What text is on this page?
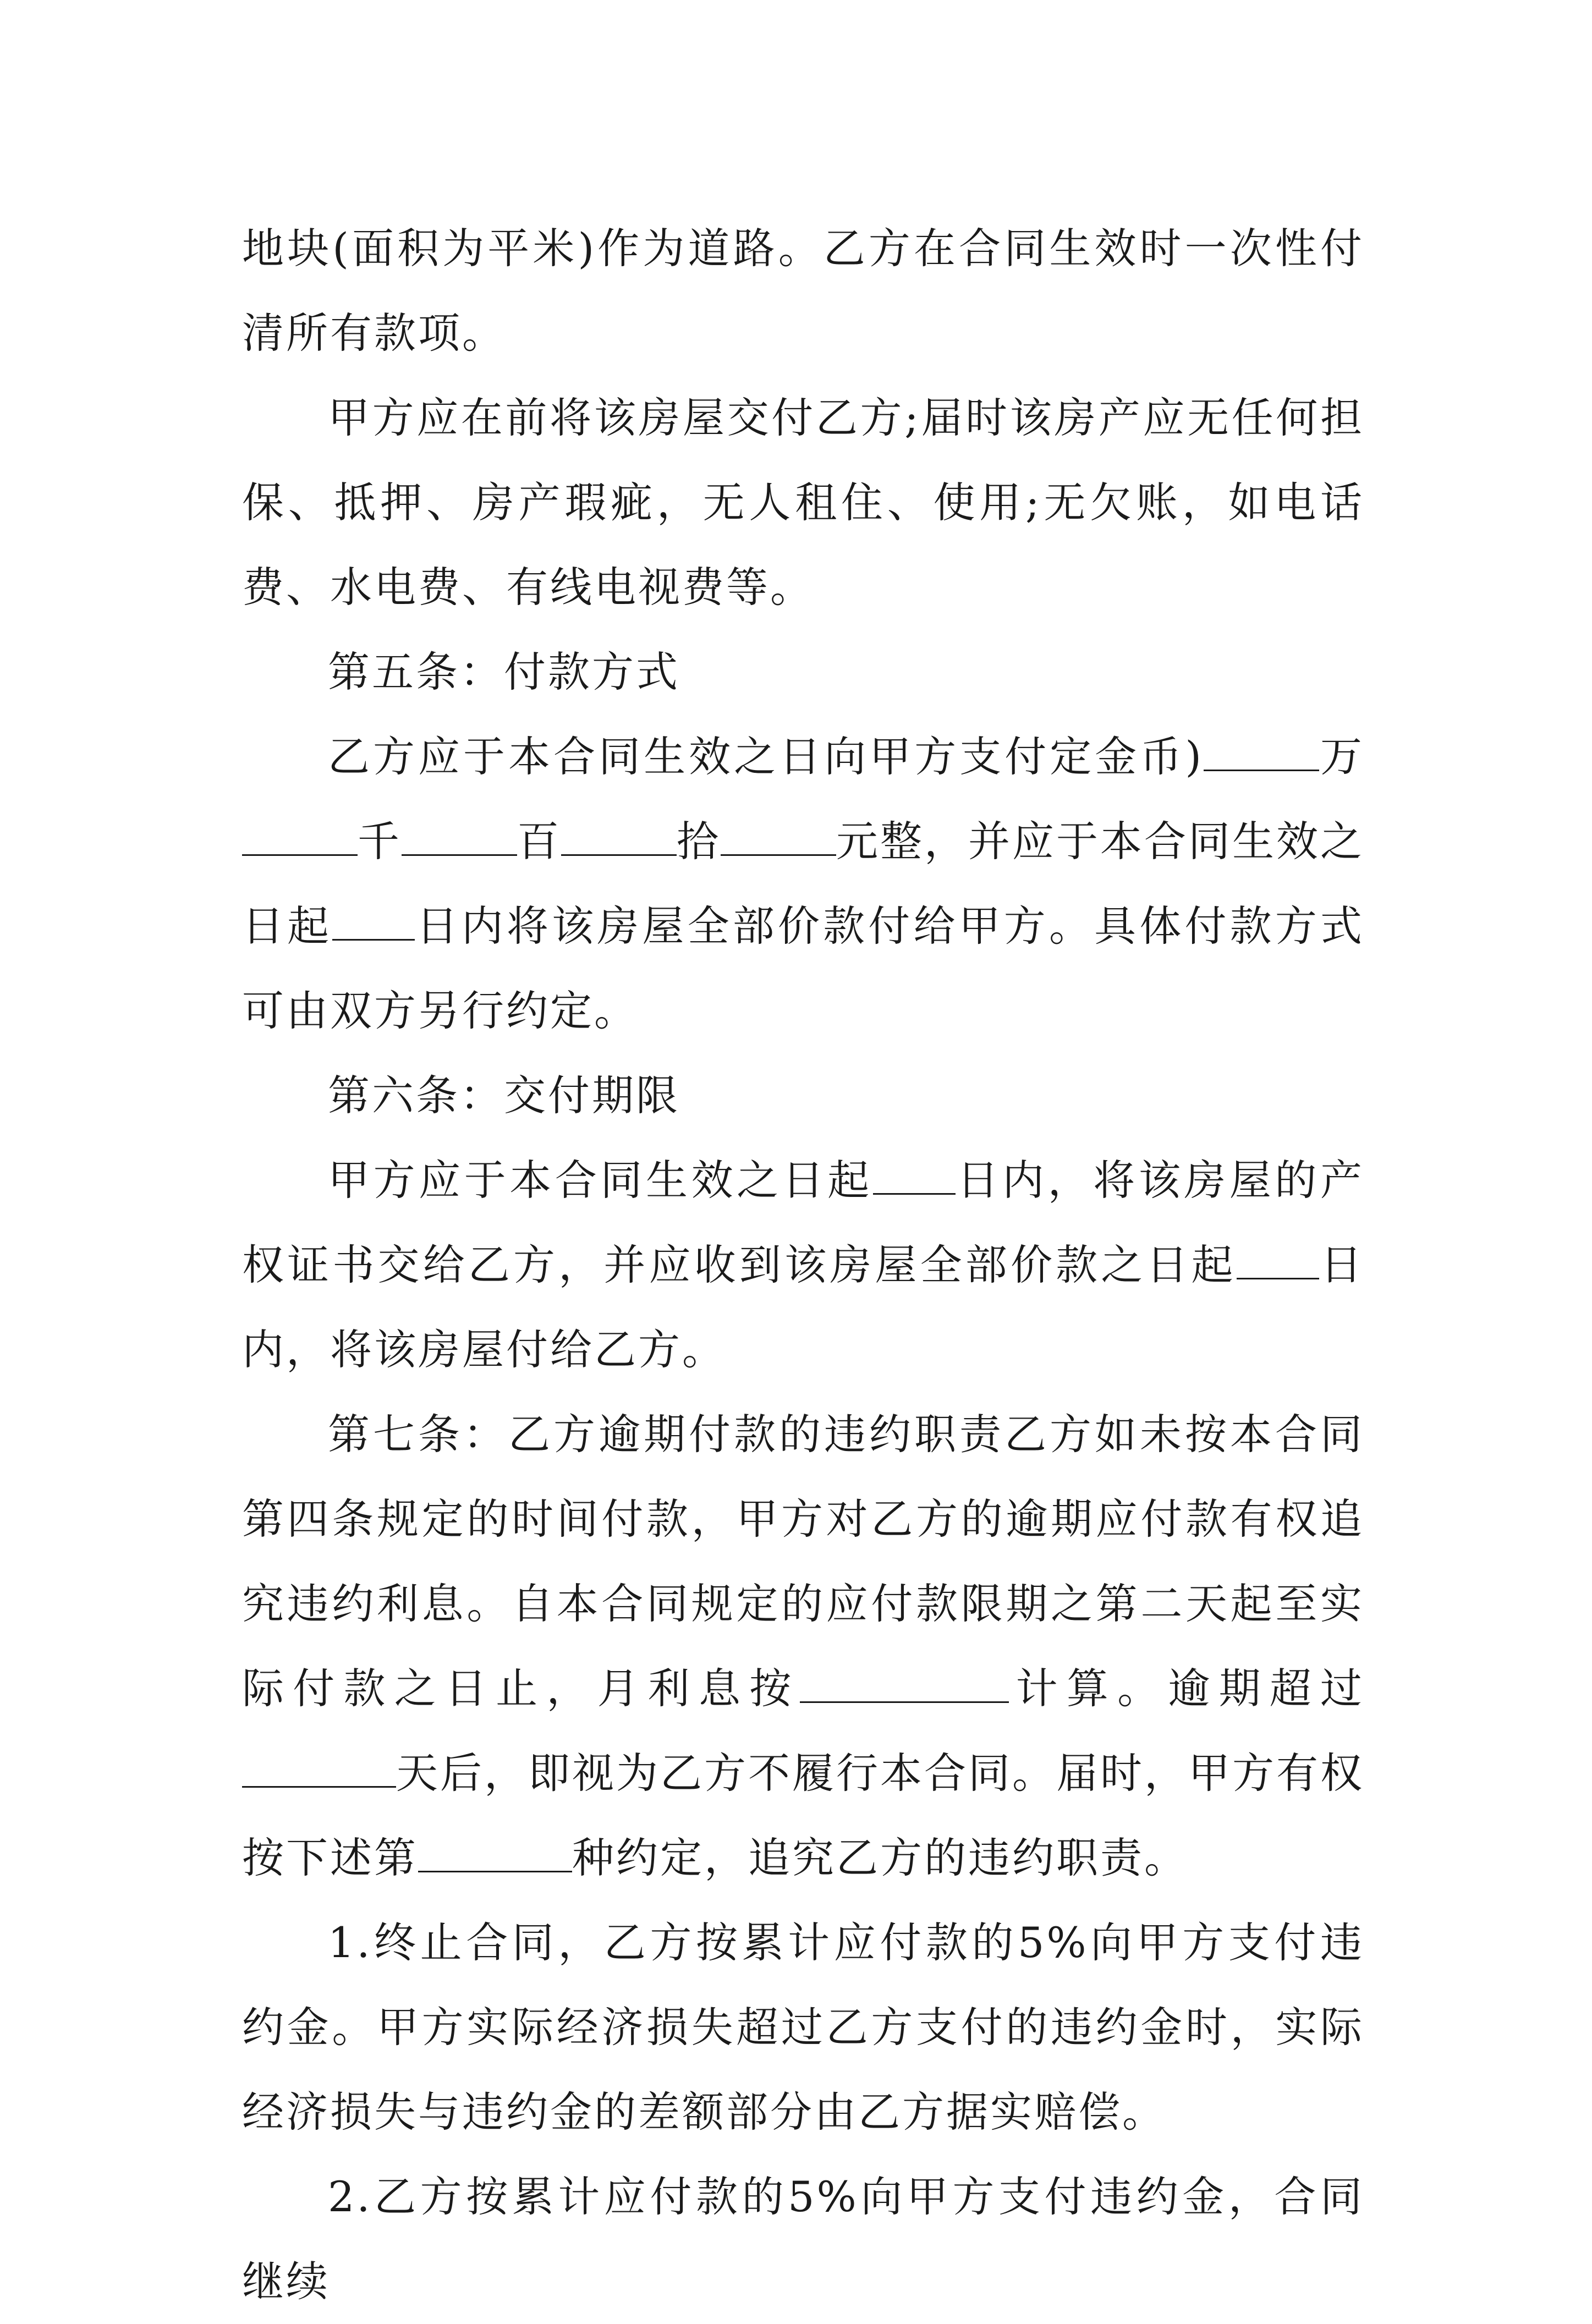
地块(面积为平米)作为道路。乙方在合同生效时一次性付清所有款项。

甲方应在前将该房屋交付乙方;届时该房产应无任何担保、抵押、房产瑕疵，无人租住、使用;无欠账，如电话费、水电费、有线电视费等。

第五条：付款方式

乙方应于本合同生效之日向甲方支付定金币)	万千	百	拾	元整，并应于本合同生效之日起 日内将该房屋全部价款付给甲方。具体付款方式可由双方另行约定。

第六条：交付期限

甲方应于本合同生效之日起 日内，将该房屋的产权证书交给乙方，并应收到该房屋全部价款之日起 日内，将该房屋付给乙方。

第七条：乙方逾期付款的违约职责乙方如未按本合同第四条规定的时间付款，甲方对乙方的逾期应付款有权追究违约利息。自本合同规定的应付款限期之第二天起至实际付款之日止，月利息按	计算。逾期超过天后，即视为乙方不履行本合同。届时，甲方有权按下述第	种约定，追究乙方的违约职责。

1.终止合同，乙方按累计应付款的5%向甲方支付违约金。甲方实际经济损失超过乙方支付的违约金时，实际经济损失与违约金的差额部分由乙方据实赔偿。

2.乙方按累计应付款的5%向甲方支付违约金，合同继续
